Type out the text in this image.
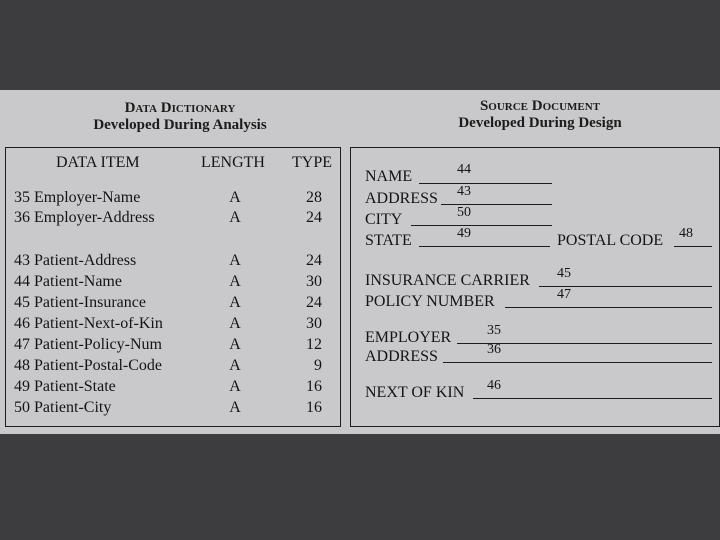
Data Dictionary
Developed During Analysis
Source Document
Developed During Design
DATA ITEM	LENGTH TYPE
35 Employer-Name	A	28
36 Employer-Address	A	24
43 Patient-Address	A	24
44 Patient-Name	A	30
45 Patient-Insurance	A	24
46 Patient-Next-of-Kin	A	30
47 Patient-Policy-Num	A	12
48 Patient-Postal-Code	A	9
49 Patient-State	A	16
50 Patient-City	A	16
NAME	44
ADDRESS 43
CITY	50
STATE	49	POSTAL CODE 48
INSURANCE CARRIER 45
POLICY NUMBER	47
EMPLOYER	35
ADDRESS	36
NEXT OF KIN 46
